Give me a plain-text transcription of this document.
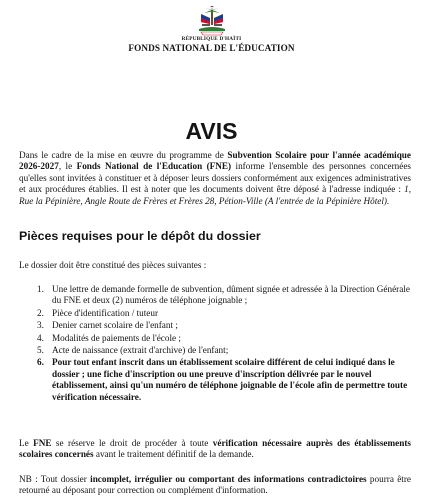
RÉPUBLIQUE D'HAÏTI
FONDS NATIONAL DE L'ÉDUCATION
AVIS

Dans le cadre de la mise en œuvre du programme de Subvention Scolaire pour l'année académique 2026-2027, le Fonds National de l'Education (FNE) informe l'ensemble des personnes concernées qu'elles sont invitées à constituer et à déposer leurs dossiers conformément aux exigences administratives et aux procédures établies. Il est à noter que les documents doivent être déposé à l'adresse indiquée : 1, Rue la Pépinière, Angle Route de Frères et Frères 28, Pétion-Ville (A l'entrée de la Pépinière Hôtel).

Pièces requises pour le dépôt du dossier
Le dossier doit être constitué des pièces suivantes :
1. Une lettre de demande formelle de subvention, dûment signée et adressée à la Direction Générale du FNE et deux (2) numéros de téléphone joignable ;
2. Pièce d'identification / tuteur
3. Denier carnet scolaire de l'enfant ;
4. Modalités de paiements de l'école ;
5. Acte de naissance (extrait d'archive) de l'enfant;
6. Pour tout enfant inscrit dans un établissement scolaire différent de celui indiqué dans le dossier ; une fiche d'inscription ou une preuve d'inscription délivrée par le nouvel établissement, ainsi qu'un numéro de téléphone joignable de l'école afin de permettre toute vérification nécessaire.

Le FNE se réserve le droit de procéder à toute vérification nécessaire auprès des établissements scolaires concernés avant le traitement définitif de la demande.

NB : Tout dossier incomplet, irrégulier ou comportant des informations contradictoires pourra être retourné au déposant pour correction ou complément d'information.
